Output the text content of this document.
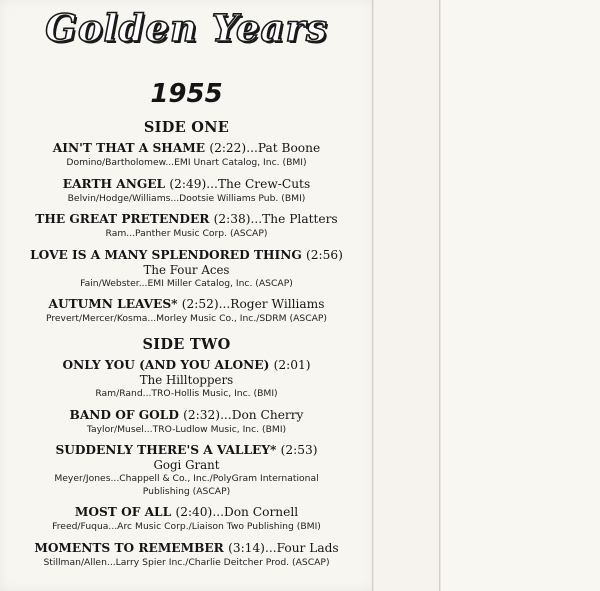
Golden Years
1955
SIDE ONE
AIN'T THAT A SHAME (2:22)...Pat Boone
Domino/Bartholomew...EMI Unart Catalog, Inc. (BMI)
EARTH ANGEL (2:49)...The Crew-Cuts
Belvin/Hodge/Williams...Dootsie Williams Pub. (BMI)
THE GREAT PRETENDER (2:38)...The Platters
Ram...Panther Music Corp. (ASCAP)
LOVE IS A MANY SPLENDORED THING (2:56)
The Four Aces
Fain/Webster...EMI Miller Catalog, Inc. (ASCAP)
AUTUMN LEAVES* (2:52)...Roger Williams
Prevert/Mercer/Kosma...Morley Music Co., Inc./SDRM (ASCAP)
SIDE TWO
ONLY YOU (AND YOU ALONE) (2:01)
The Hilltoppers
Ram/Rand...TRO-Hollis Music, Inc. (BMI)
BAND OF GOLD (2:32)...Don Cherry
Taylor/Musel...TRO-Ludlow Music, Inc. (BMI)
SUDDENLY THERE'S A VALLEY* (2:53)
Gogi Grant
Meyer/Jones...Chappell & Co., Inc./PolyGram International
Publishing (ASCAP)
MOST OF ALL (2:40)...Don Cornell
Freed/Fuqua...Arc Music Corp./Liaison Two Publishing (BMI)
MOMENTS TO REMEMBER (3:14)...Four Lads
Stillman/Allen...Larry Spier Inc./Charlie Deitcher Prod. (ASCAP)
